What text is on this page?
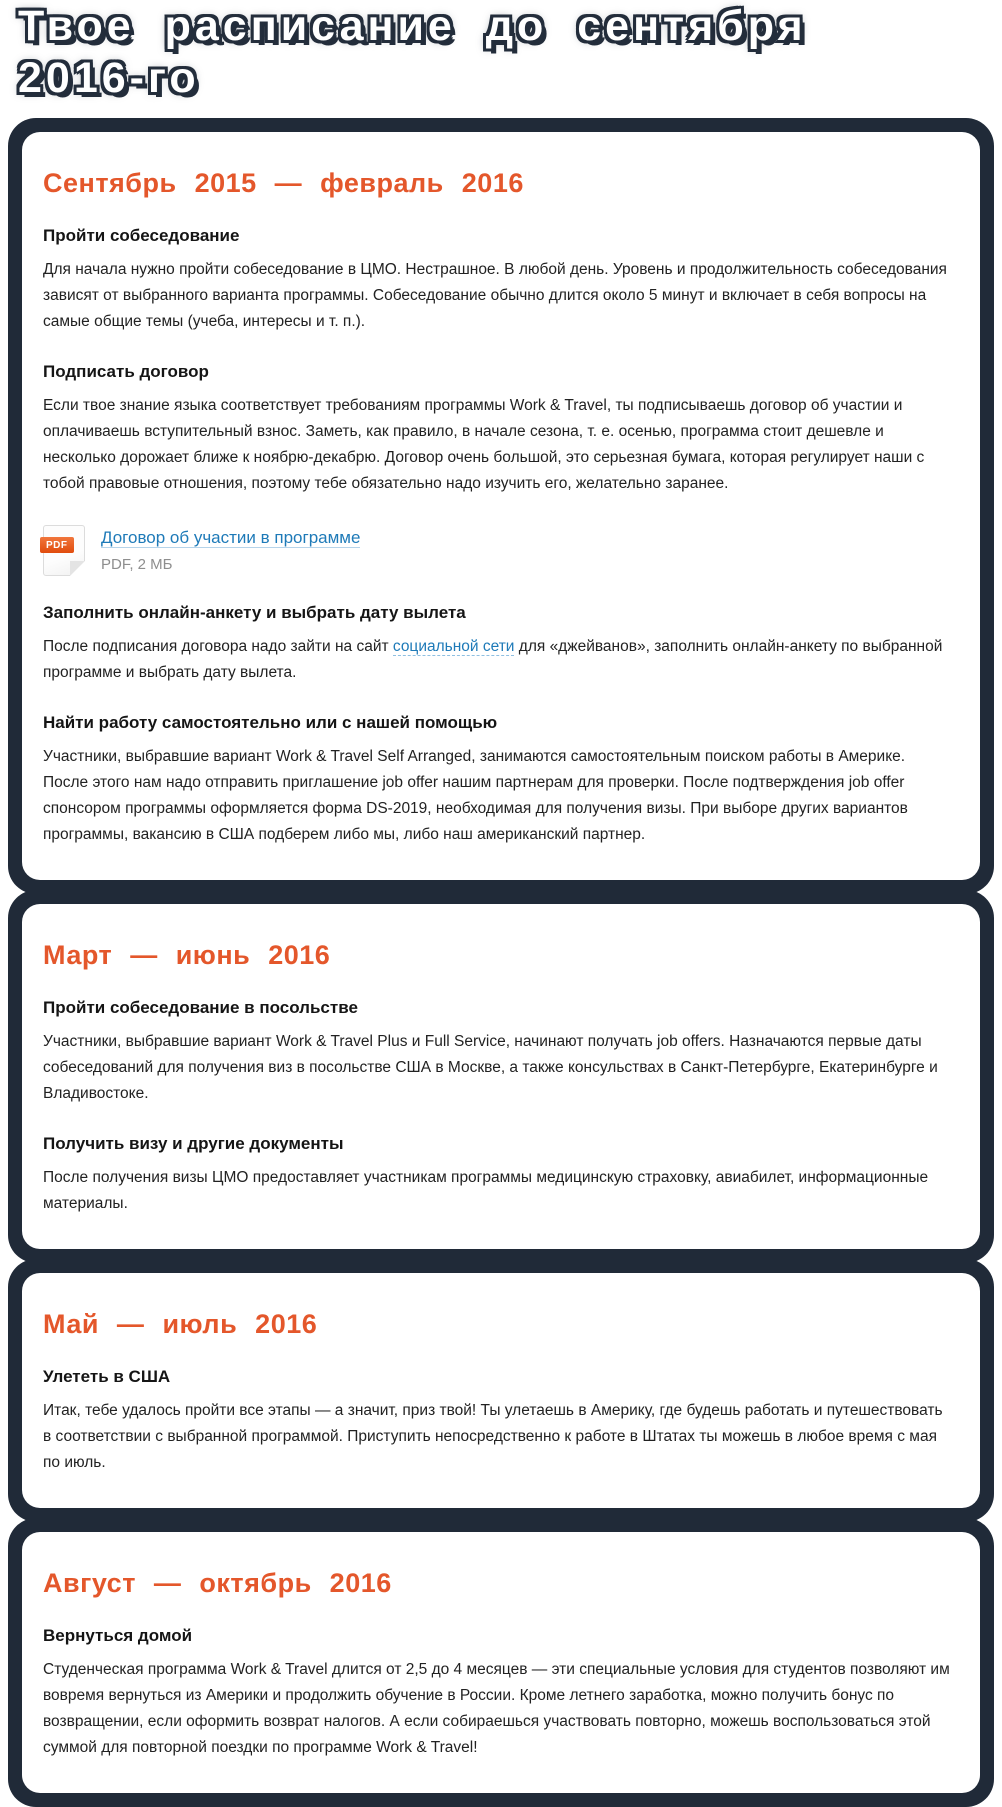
Твое расписание до сентября 2016-го
Сентябрь 2015 — февраль 2016
Пройти собеседование

Для начала нужно пройти собеседование в ЦМО. Нестрашное. В любой день. Уровень и продолжительность собеседования зависят от выбранного варианта программы. Собеседование обычно длится около 5 минут и включает в себя вопросы на самые общие темы (учеба, интересы и т. п.).

Подписать договор

Если твое знание языка соответствует требованиям программы Work & Travel, ты подписываешь договор об участии и оплачиваешь вступительный взнос. Заметь, как правило, в начале сезона, т. е. осенью, программа стоит дешевле и несколько дорожает ближе к ноябрю-декабрю. Договор очень большой, это серьезная бумага, которая регулирует наши с тобой правовые отношения, поэтому тебе обязательно надо изучить его, желательно заранее.

PDF	Договор об участии в программе
PDF, 2 МБ
Заполнить онлайн-анкету и выбрать дату вылета

После подписания договора надо зайти на сайт социальной сети для «джейванов», заполнить онлайн-анкету по выбранной программе и выбрать дату вылета.

Найти работу самостоятельно или с нашей помощью

Участники, выбравшие вариант Work & Travel Self Arranged, занимаются самостоятельным поиском работы в Америке. После этого нам надо отправить приглашение job offer нашим партнерам для проверки. После подтверждения job offer спонсором программы оформляется форма DS-2019, необходимая для получения визы. При выборе других вариантов программы, вакансию в США подберем либо мы, либо наш американский партнер.

Март — июнь 2016
Пройти собеседование в посольстве

Участники, выбравшие вариант Work & Travel Plus и Full Service, начинают получать job offers. Назначаются первые даты собеседований для получения виз в посольстве США в Москве, а также консульствах в Санкт-Петербурге, Екатеринбурге и Владивостоке.

Получить визу и другие документы

После получения визы ЦМО предоставляет участникам программы медицинскую страховку, авиабилет, информационные материалы.

Май — июль 2016
Улететь в США

Итак, тебе удалось пройти все этапы — а значит, приз твой! Ты улетаешь в Америку, где будешь работать и путешествовать в соответствии с выбранной программой. Приступить непосредственно к работе в Штатах ты можешь в любое время с мая по июль.

Август — октябрь 2016
Вернуться домой

Студенческая программа Work & Travel длится от 2,5 до 4 месяцев — эти специальные условия для студентов позволяют им вовремя вернуться из Америки и продолжить обучение в России. Кроме летнего заработка, можно получить бонус по возвращении, если оформить возврат налогов. А если собираешься участвовать повторно, можешь воспользоваться этой суммой для повторной поездки по программе Work & Travel!
